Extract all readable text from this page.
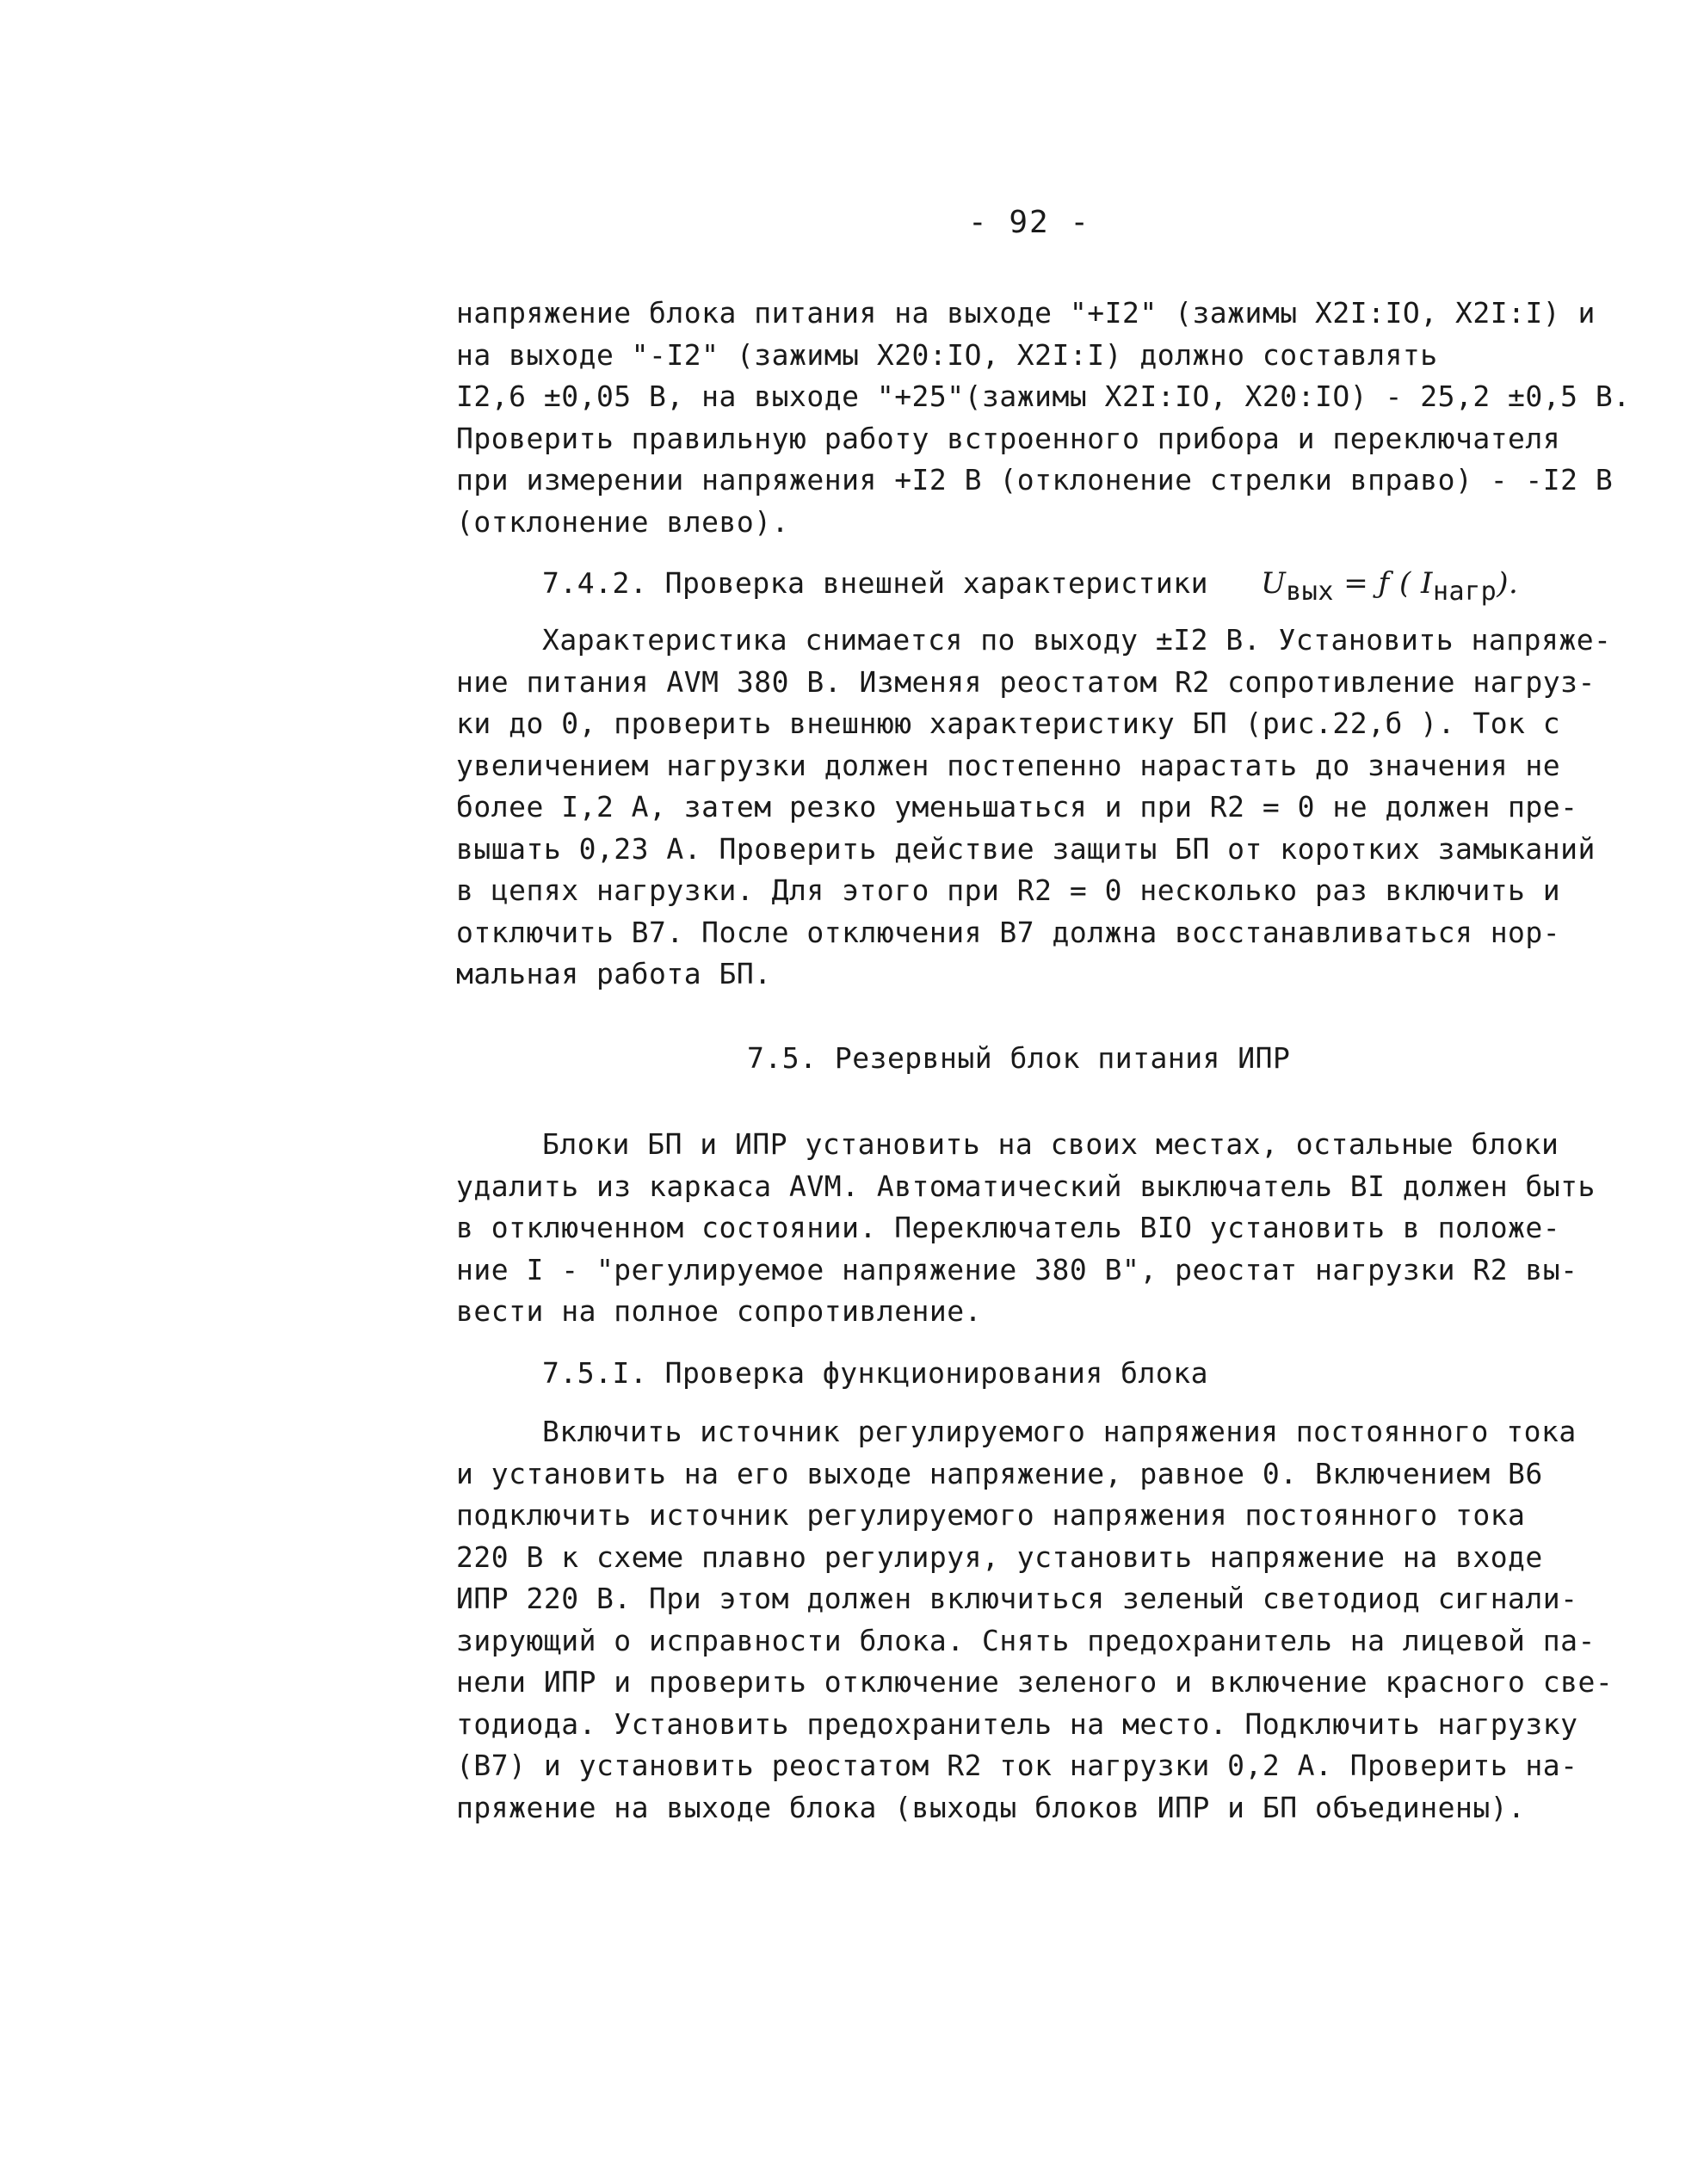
- 92 -
напряжение блока питания на выходе "+I2" (зажимы X2I:IO, X2I:I) и
на выходе "-I2" (зажимы X20:IO, X2I:I) должно составлять
I2,6 ±0,05 В, на выходе "+25"(зажимы X2I:IO, X20:IO) - 25,2 ±0,5 В.
Проверить правильную работу встроенного прибора и переключателя
при измерении напряжения +I2 В (отклонение стрелки вправо) - -I2 В
(отклонение влево).
7.4.2. Проверка внешней характеристики $U_{вых}$ = ƒ ( $I_{нагр}$).
Характеристика снимается по выходу ±I2 В. Установить напряже-
ние питания AVM 380 В. Изменяя реостатом R2 сопротивление нагруз-
ки до 0, проверить внешнюю характеристику БП (рис.22,б ). Ток с
увеличением нагрузки должен постепенно нарастать до значения не
более I,2 А, затем резко уменьшаться и при R2 = 0 не должен пре-
вышать 0,23 А. Проверить действие защиты БП от коротких замыканий
в цепях нагрузки. Для этого при R2 = 0 несколько раз включить и
отключить В7. После отключения В7 должна восстанавливаться нор-
мальная работа БП.
7.5. Резервный блок питания ИПР
Блоки БП и ИПР установить на своих местах, остальные блоки
удалить из каркаса AVM. Автоматический выключатель BI должен быть
в отключенном состоянии. Переключатель BIO установить в положе-
ние I - "регулируемое напряжение 380 В", реостат нагрузки R2 вы-
вести на полное сопротивление.
7.5.I. Проверка функционирования блока
Включить источник регулируемого напряжения постоянного тока
и установить на его выходе напряжение, равное 0. Включением В6
подключить источник регулируемого напряжения постоянного тока
220 В к схеме плавно регулируя, установить напряжение на входе
ИПР 220 В. При этом должен включиться зеленый светодиод сигнали-
зирующий о исправности блока. Снять предохранитель на лицевой па-
нели ИПР и проверить отключение зеленого и включение красного све-
тодиода. Установить предохранитель на место. Подключить нагрузку
(В7) и установить реостатом R2 ток нагрузки 0,2 А. Проверить на-
пряжение на выходе блока (выходы блоков ИПР и БП объединены).
